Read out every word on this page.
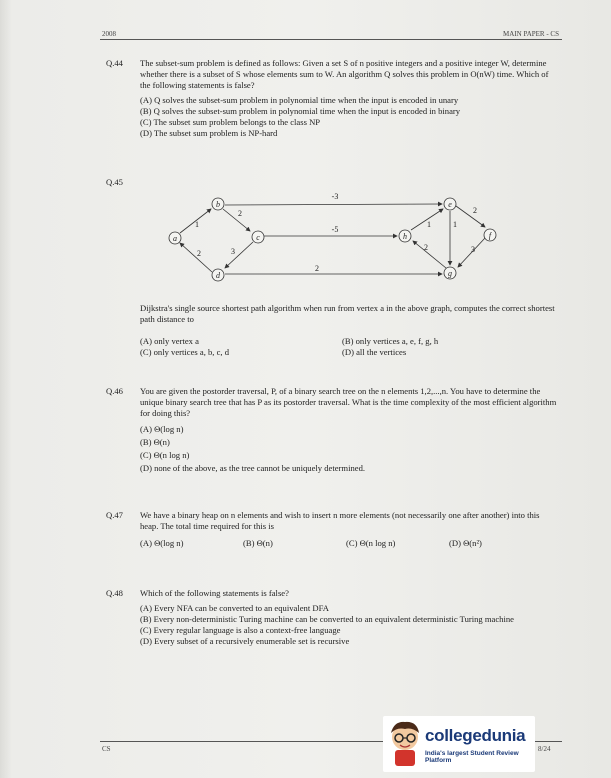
2008	MAIN PAPER - CS
Q.44 The subset-sum problem is defined as follows: Given a set S of n positive integers and a positive integer W, determine whether there is a subset of S whose elements sum to W. An algorithm Q solves this problem in O(nW) time. Which of the following statements is false?
(A) Q solves the subset-sum problem in polynomial time when the input is encoded in unary
(B) Q solves the subset-sum problem in polynomial time when the input is encoded in binary
(C) The subset sum problem belongs to the class NP
(D) The subset sum problem is NP-hard
Q.45
a
b
c
d
e
f
g
h
1
2
2	3
-3
-5
2
1	1
2
2	3
Dijkstra's single source shortest path algorithm when run from vertex a in the above graph, computes the correct shortest path distance to
(A) only vertex a	(B) only vertices a, e, f, g, h
(C) only vertices a, b, c, d	(D) all the vertices
Q.46 You are given the postorder traversal, P, of a binary search tree on the n elements 1,2,...,n. You have to determine the unique binary search tree that has P as its postorder traversal. What is the time complexity of the most efficient algorithm for doing this?
(A) Θ(log n)
(B) Θ(n)
(C) Θ(n log n)
(D) none of the above, as the tree cannot be uniquely determined.
Q.47 We have a binary heap on n elements and wish to insert n more elements (not necessarily one after another) into this heap. The total time required for this is
(A) Θ(log n)	(B) Θ(n)	(C) Θ(n log n)	(D) Θ(n²)
Q.48 Which of the following statements is false?
(A) Every NFA can be converted to an equivalent DFA
(B) Every non-deterministic Turing machine can be converted to an equivalent deterministic Turing machine
(C) Every regular language is also a context-free language
(D) Every subset of a recursively enumerable set is recursive
CS	8/24
collegedunia
India's largest Student Review Platform
